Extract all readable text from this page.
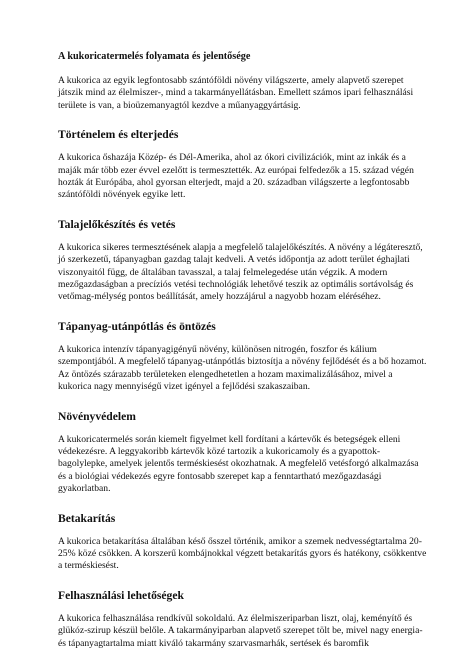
A kukoricatermelés folyamata és jelentősége

A kukorica az egyik legfontosabb szántóföldi növény világszerte, amely alapvető szerepet játszik mind az élelmiszer-, mind a takarmányellátásban. Emellett számos ipari felhasználási területe is van, a bioüzemanyagtól kezdve a műanyaggyártásig.

Történelem és elterjedés

A kukorica őshazája Közép- és Dél-Amerika, ahol az ókori civilizációk, mint az inkák és a maják már több ezer évvel ezelőtt is termesztették. Az európai felfedezők a 15. század végén hozták át Európába, ahol gyorsan elterjedt, majd a 20. században világszerte a legfontosabb szántóföldi növények egyike lett.

Talajelőkészítés és vetés

A kukorica sikeres termesztésének alapja a megfelelő talajelőkészítés. A növény a légáteresztő, jó szerkezetű, tápanyagban gazdag talajt kedveli. A vetés időpontja az adott terület éghajlati viszonyaitól függ, de általában tavasszal, a talaj felmelegedése után végzik. A modern mezőgazdaságban a precíziós vetési technológiák lehetővé teszik az optimális sortávolság és vetőmag-mélység pontos beállítását, amely hozzájárul a nagyobb hozam eléréséhez.

Tápanyag-utánpótlás és öntözés

A kukorica intenzív tápanyagigényű növény, különösen nitrogén, foszfor és kálium szempontjából. A megfelelő tápanyag-utánpótlás biztosítja a növény fejlődését és a bő hozamot. Az öntözés szárazabb területeken elengedhetetlen a hozam maximalizálásához, mivel a kukorica nagy mennyiségű vizet igényel a fejlődési szakaszaiban.

Növényvédelem

A kukoricatermelés során kiemelt figyelmet kell fordítani a kártevők és betegségek elleni védekezésre. A leggyakoribb kártevők közé tartozik a kukoricamoly és a gyapottok-bagolylepke, amelyek jelentős terméskiesést okozhatnak. A megfelelő vetésforgó alkalmazása és a biológiai védekezés egyre fontosabb szerepet kap a fenntartható mezőgazdasági gyakorlatban.

Betakarítás

A kukorica betakarítása általában késő ősszel történik, amikor a szemek nedvességtartalma 20-25% közé csökken. A korszerű kombájnokkal végzett betakarítás gyors és hatékony, csökkentve a terméskiesést.

Felhasználási lehetőségek

A kukorica felhasználása rendkívül sokoldalú. Az élelmiszeriparban liszt, olaj, keményítő és glükóz-szirup készül belőle. A takarmányiparban alapvető szerepet tölt be, mivel nagy energia- és tápanyagtartalma miatt kiváló takarmány szarvasmarhák, sertések és baromfik
